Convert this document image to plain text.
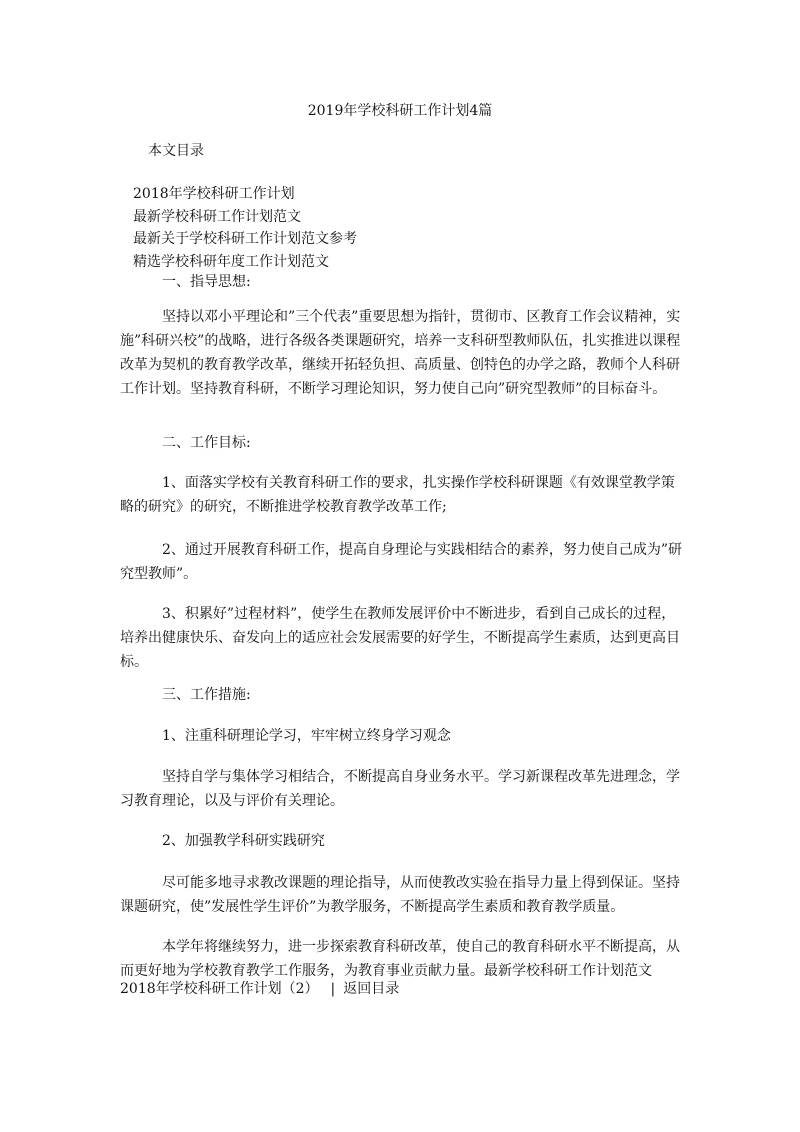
2019年学校科研工作计划4篇
本文目录
2018年学校科研工作计划
最新学校科研工作计划范文
最新关于学校科研工作计划范文参考
精选学校科研年度工作计划范文
一、指导思想:
坚持以邓小平理论和”三个代表”重要思想为指针，贯彻市、区教育工作会议精神，实施”科研兴校”的战略，进行各级各类课题研究，培养一支科研型教师队伍，扎实推进以课程改革为契机的教育教学改革，继续开拓轻负担、高质量、创特色的办学之路，教师个人科研工作计划。坚持教育科研，不断学习理论知识，努力使自己向”研究型教师”的目标奋斗。
二、工作目标:
1、面落实学校有关教育科研工作的要求，扎实操作学校科研课题《有效课堂教学策略的研究》的研究，不断推进学校教育教学改革工作;
2、通过开展教育科研工作，提高自身理论与实践相结合的素养，努力使自己成为”研究型教师”。
3、积累好”过程材料”，使学生在教师发展评价中不断进步，看到自己成长的过程，培养出健康快乐、奋发向上的适应社会发展需要的好学生，不断提高学生素质，达到更高目标。
三、工作措施:
1、注重科研理论学习，牢牢树立终身学习观念
坚持自学与集体学习相结合，不断提高自身业务水平。学习新课程改革先进理念，学习教育理论，以及与评价有关理论。
2、加强教学科研实践研究
尽可能多地寻求教改课题的理论指导，从而使教改实验在指导力量上得到保证。坚持课题研究，使”发展性学生评价”为教学服务，不断提高学生素质和教育教学质量。
本学年将继续努力，进一步探索教育科研改革，使自己的教育科研水平不断提高，从而更好地为学校教育教学工作服务，为教育事业贡献力量。最新学校科研工作计划范文
2018年学校科研工作计划（2） | 返回目录
